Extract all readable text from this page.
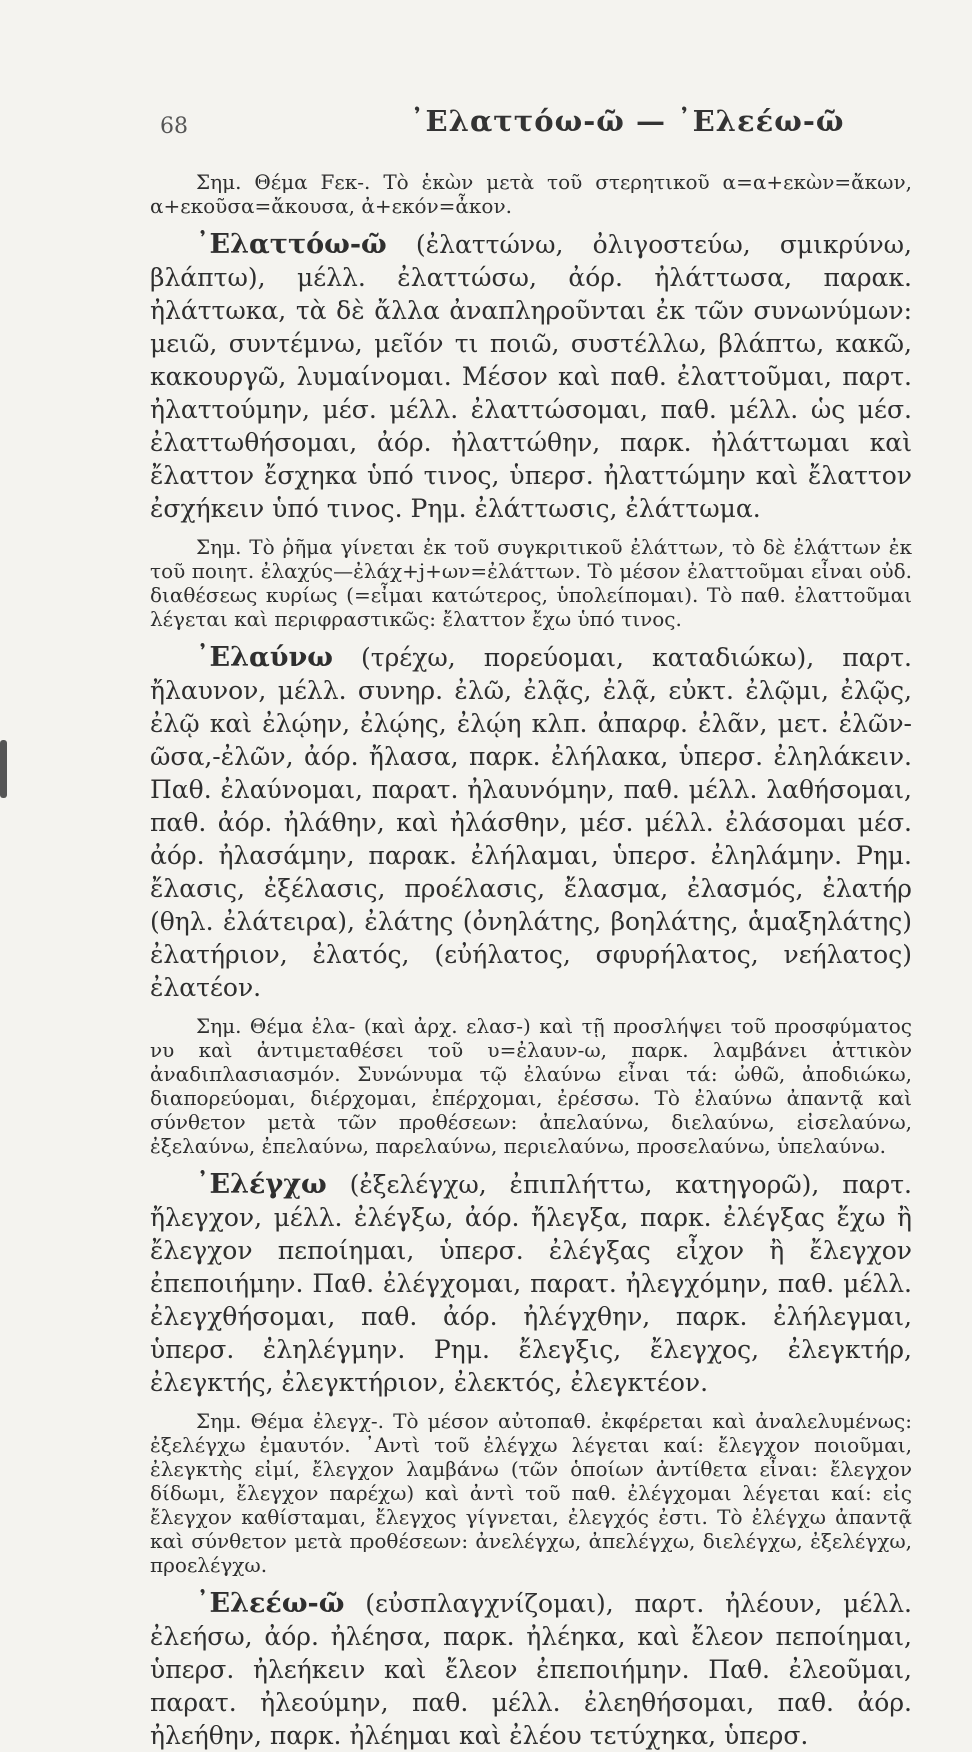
68	᾿Ελαττόω-ῶ — ᾿Ελεέω-ῶ
Σημ. Θέμα Fεκ-. Τὸ ἑκὼν μετὰ τοῦ στερητικοῦ α=α+εκὼν=ἄκων, α+εκοῦσα=ἄκουσα, ἀ+εκόν=ἆκον.
᾿Ελαττόω-ῶ (ἐλαττώνω, ὀλιγοστεύω, σμικρύνω, βλάπτω), μέλλ. ἐλαττώσω, ἀόρ. ἠλάττωσα, παρακ. ἠλάττωκα, τὰ δὲ ἄλλα ἀναπληροῦνται ἐκ τῶν συνωνύμων: μειῶ, συντέμνω, μεῖόν τι ποιῶ, συστέλλω, βλάπτω, κακῶ, κακουργῶ, λυμαίνομαι. Μέσον καὶ παθ. ἐλαττοῦμαι, παρτ. ἠλαττούμην, μέσ. μέλλ. ἐλαττώσομαι, παθ. μέλλ. ὡς μέσ. ἐλαττωθήσομαι, ἀόρ. ἠλαττώθην, παρκ. ἠλάττωμαι καὶ ἔλαττον ἔσχηκα ὑπό τινος, ὑπερσ. ἠλαττώμην καὶ ἔλαττον ἐσχήκειν ὑπό τινος. Ρημ. ἐλάττωσις, ἐλάττωμα.
Σημ. Τὸ ῥῆμα γίνεται ἐκ τοῦ συγκριτικοῦ ἐλάττων, τὸ δὲ ἐλάττων ἐκ τοῦ ποιητ. ἐλαχύς—ἐλάχ+j+ων=ἐλάττων. Τὸ μέσον ἐλαττοῦμαι εἶναι οὐδ. διαθέσεως κυρίως (=εἶμαι κατώτερος, ὑπολείπομαι). Τὸ παθ. ἐλαττοῦμαι λέγεται καὶ περιφραστικῶς: ἔλαττον ἔχω ὑπό τινος.
᾿Ελαύνω (τρέχω, πορεύομαι, καταδιώκω), παρτ. ἤλαυνον, μέλλ. συνηρ. ἐλῶ, ἐλᾷς, ἐλᾷ, εὐκτ. ἐλῷμι, ἐλῷς, ἐλῷ καὶ ἐλῴην, ἐλῴης, ἐλῴη κλπ. ἀπαρφ. ἐλᾶν, μετ. ἐλῶν-ῶσα,-ἐλῶν, ἀόρ. ἤλασα, παρκ. ἐλήλακα, ὑπερσ. ἐληλάκειν. Παθ. ἐλαύνομαι, παρατ. ἠλαυνόμην, παθ. μέλλ. λαθήσομαι, παθ. ἀόρ. ἠλάθην, καὶ ἠλάσθην, μέσ. μέλλ. ἐλάσομαι μέσ. ἀόρ. ἠλασάμην, παρακ. ἐλήλαμαι, ὑπερσ. ἐληλάμην. Ρημ. ἔλασις, ἐξέλασις, προέλασις, ἔλασμα, ἐλασμός, ἐλατήρ (θηλ. ἐλάτειρα), ἐλάτης (ὀνηλάτης, βοηλάτης, ἁμαξηλάτης) ἐλατήριον, ἐλατός, (εὐήλατος, σφυρήλατος, νεήλατος) ἐλατέον.
Σημ. Θέμα ἐλα- (καὶ ἀρχ. ελασ-) καὶ τῇ προσλήψει τοῦ προσφύματος νυ καὶ ἀντιμεταθέσει τοῦ υ=ἐλαυν-ω, παρκ. λαμβάνει ἀττικὸν ἀναδιπλασιασμόν. Συνώνυμα τῷ ἐλαύνω εἶναι τά: ὠθῶ, ἀποδιώκω, διαπορεύομαι, διέρχομαι, ἐπέρχομαι, ἐρέσσω. Τὸ ἐλαύνω ἀπαντᾷ καὶ σύνθετον μετὰ τῶν προθέσεων: ἀπελαύνω, διελαύνω, εἰσελαύνω, ἐξελαύνω, ἐπελαύνω, παρελαύνω, περιελαύνω, προσελαύνω, ὑπελαύνω.
᾿Ελέγχω (ἐξελέγχω, ἐπιπλήττω, κατηγορῶ), παρτ. ἤλεγχον, μέλλ. ἐλέγξω, ἀόρ. ἤλεγξα, παρκ. ἐλέγξας ἔχω ἢ ἔλεγχον πεποίημαι, ὑπερσ. ἐλέγξας εἶχον ἢ ἔλεγχον ἐπεποιήμην. Παθ. ἐλέγχομαι, παρατ. ἠλεγχόμην, παθ. μέλλ. ἐλεγχθήσομαι, παθ. ἀόρ. ἠλέγχθην, παρκ. ἐλήλεγμαι, ὑπερσ. ἐληλέγμην. Ρημ. ἔλεγξις, ἔλεγχος, ἐλεγκτήρ, ἐλεγκτής, ἐλεγκτήριον, ἐλεκτός, ἐλεγκτέον.
Σημ. Θέμα ἐλεγχ-. Τὸ μέσον αὐτοπαθ. ἐκφέρεται καὶ ἀναλελυμένως: ἐξελέγχω ἐμαυτόν. ᾿Αντὶ τοῦ ἐλέγχω λέγεται καί: ἔλεγχον ποιοῦμαι, ἐλεγκτὴς εἰμί, ἔλεγχον λαμβάνω (τῶν ὁποίων ἀντίθετα εἶναι: ἔλεγχον δίδωμι, ἔλεγχον παρέχω) καὶ ἀντὶ τοῦ παθ. ἐλέγχομαι λέγεται καί: εἰς ἔλεγχον καθίσταμαι, ἔλεγχος γίγνεται, ἐλεγχός ἐστι. Τὸ ἐλέγχω ἀπαντᾷ καὶ σύνθετον μετὰ προθέσεων: ἀνελέγχω, ἀπελέγχω, διελέγχω, ἐξελέγχω, προελέγχω.
᾿Ελεέω-ῶ (εὐσπλαγχνίζομαι), παρτ. ἠλέουν, μέλλ. ἐλεήσω, ἀόρ. ἠλέησα, παρκ. ἠλέηκα, καὶ ἔλεον πεποίημαι, ὑπερσ. ἠλεήκειν καὶ ἔλεον ἐπεποιήμην. Παθ. ἐλεοῦμαι, παρατ. ἠλεούμην, παθ. μέλλ. ἐλεηθήσομαι, παθ. ἀόρ. ἠλεήθην, παρκ. ἠλέημαι καὶ ἐλέου τετύχηκα, ὑπερσ.
